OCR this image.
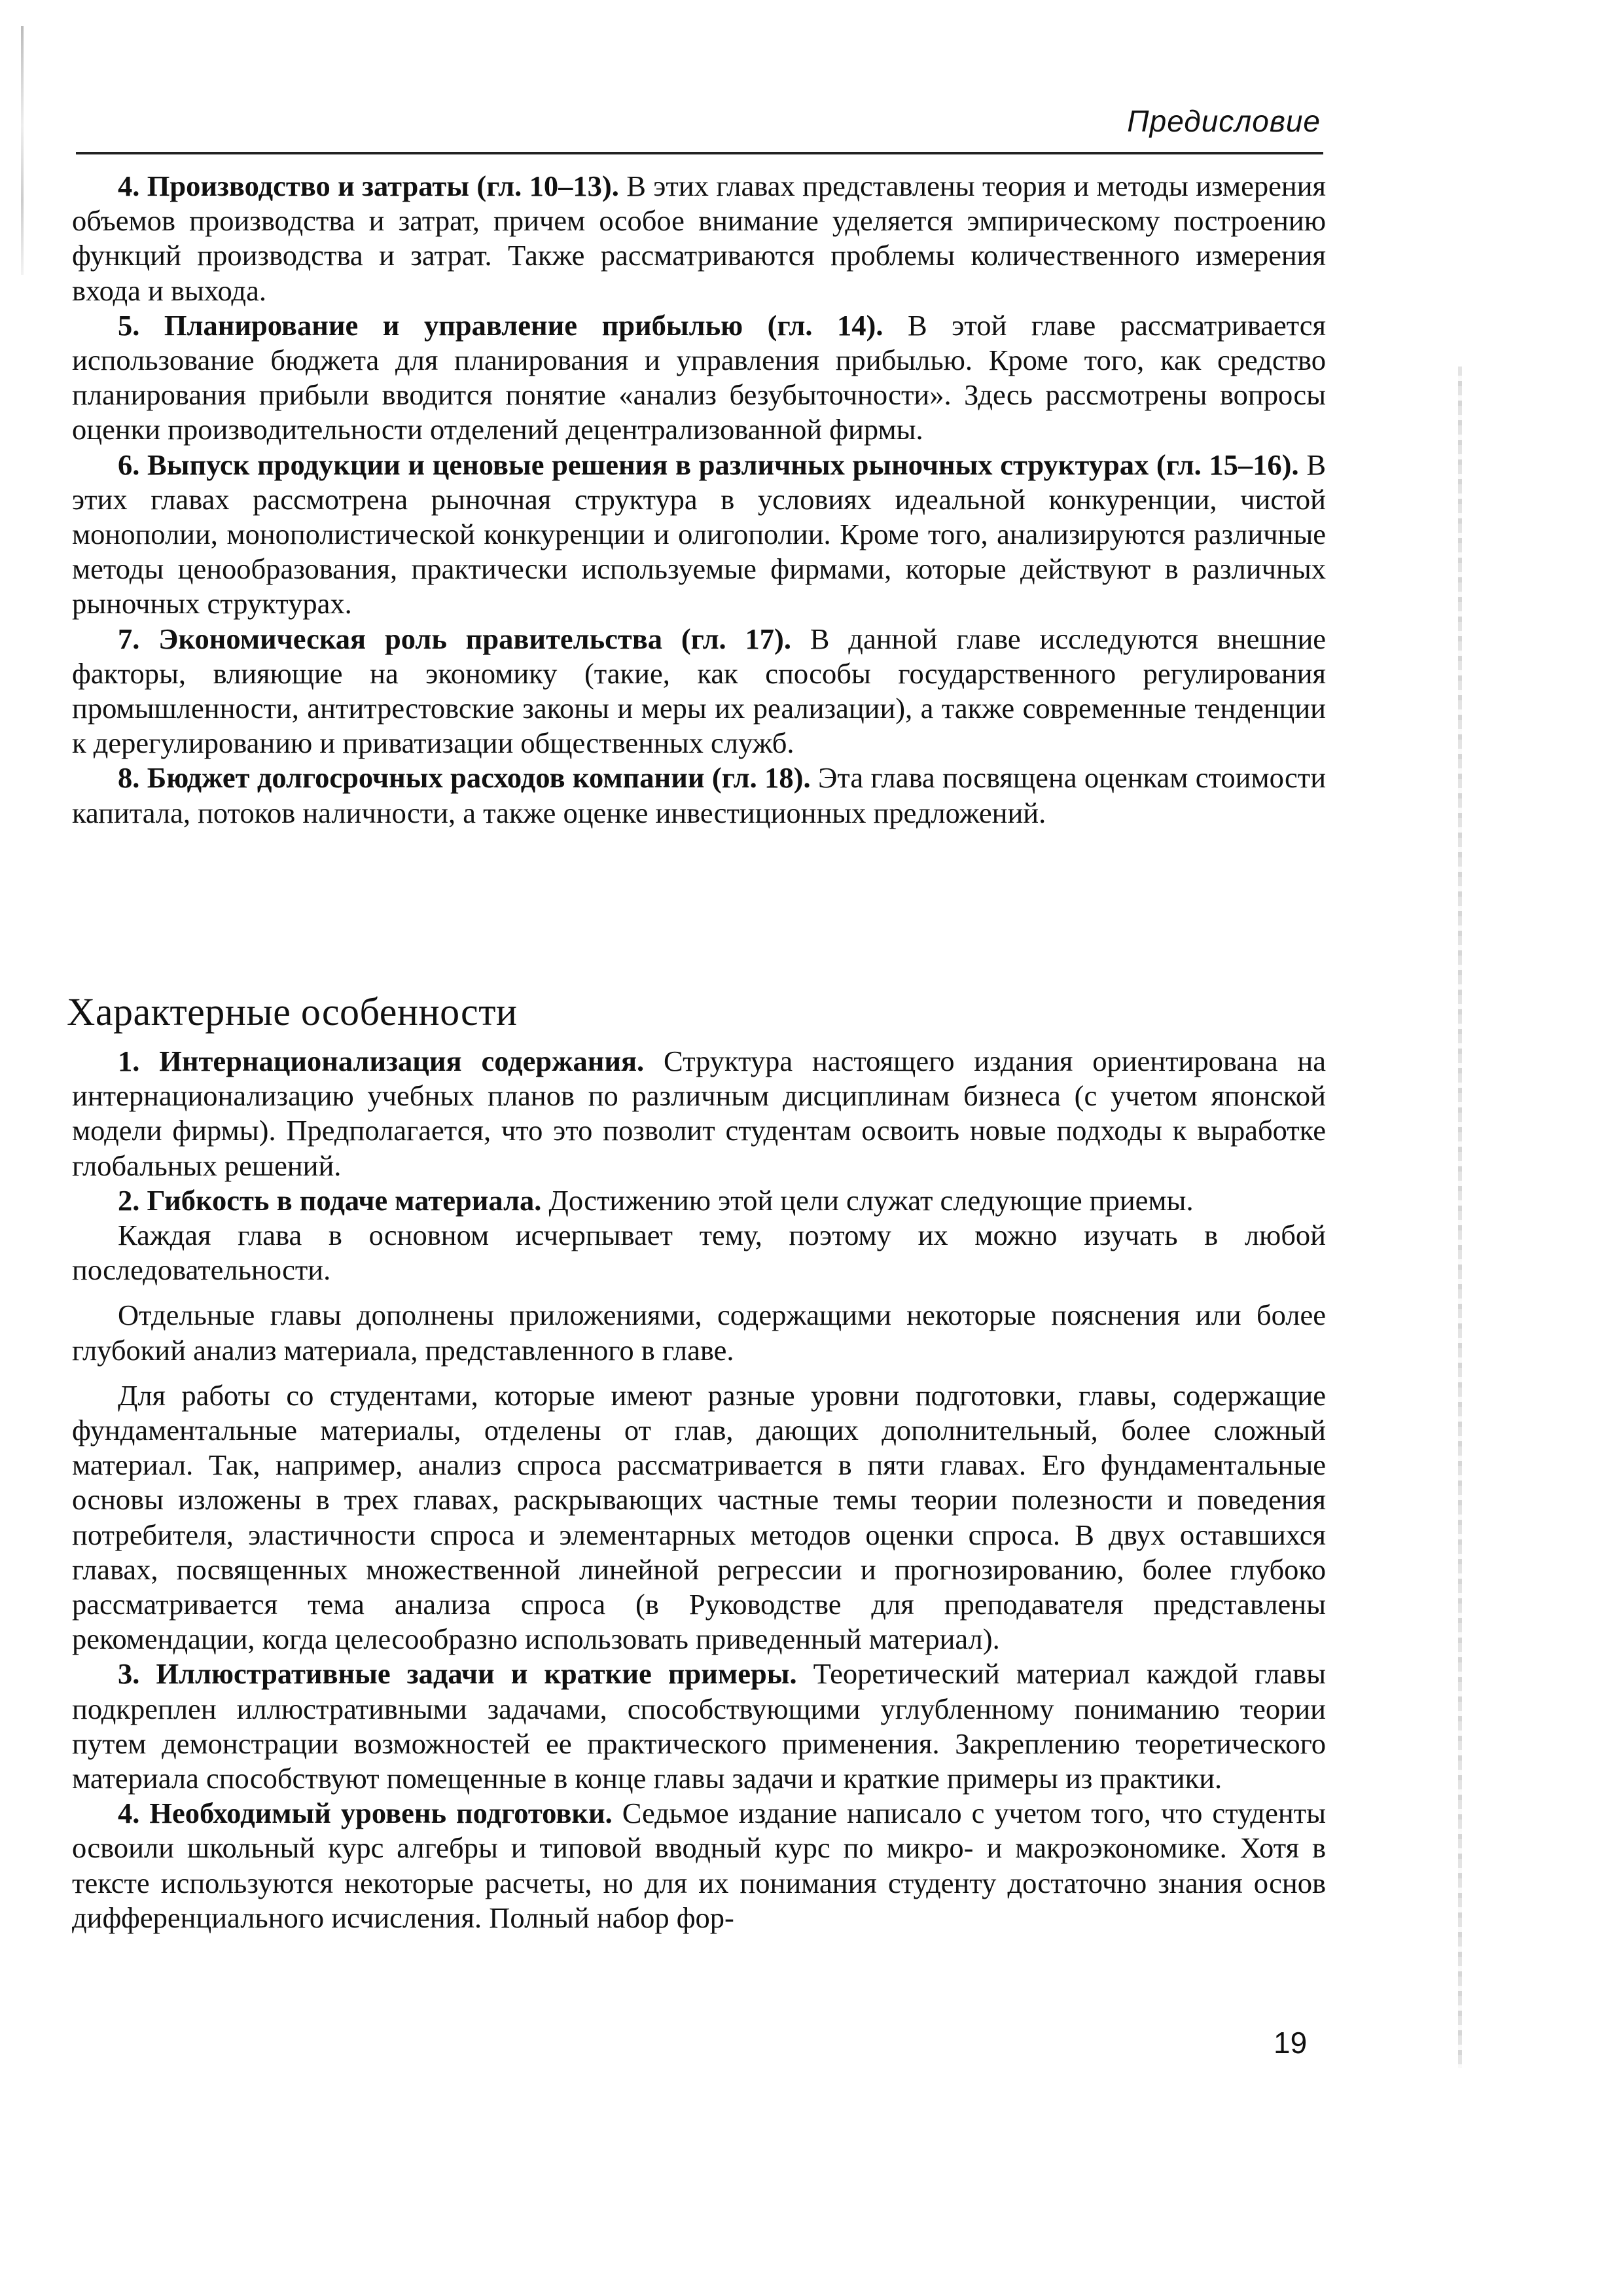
Предисловие

4. Производство и затраты (гл. 10–13). В этих главах представлены теория и методы измерения объемов производства и затрат, причем особое внимание уделяется эмпирическому построению функций производства и затрат. Также рассматриваются проблемы количественного измерения входа и выхода.

5. Планирование и управление прибылью (гл. 14). В этой главе рассматривается использование бюджета для планирования и управления прибылью. Кроме того, как средство планирования прибыли вводится понятие «анализ безубыточности». Здесь рассмотрены вопросы оценки производительности отделений децентрализованной фирмы.

6. Выпуск продукции и ценовые решения в различных рыночных структурах (гл. 15–16). В этих главах рассмотрена рыночная структура в условиях идеальной конкуренции, чистой монополии, монополистической конкуренции и олигополии. Кроме того, анализируются различные методы ценообразования, практически используемые фирмами, которые действуют в различных рыночных структурах.

7. Экономическая роль правительства (гл. 17). В данной главе исследуются внешние факторы, влияющие на экономику (такие, как способы государственного регулирования промышленности, антитрестовские законы и меры их реализации), а также современные тенденции к дерегулированию и приватизации общественных служб.

8. Бюджет долгосрочных расходов компании (гл. 18). Эта глава посвящена оценкам стоимости капитала, потоков наличности, а также оценке инвестиционных предложений.

Характерные особенности

1. Интернационализация содержания. Структура настоящего издания ориентирована на интернационализацию учебных планов по различным дисциплинам бизнеса (с учетом японской модели фирмы). Предполагается, что это позволит студентам освоить новые подходы к выработке глобальных решений.

2. Гибкость в подаче материала. Достижению этой цели служат следующие приемы.

Каждая глава в основном исчерпывает тему, поэтому их можно изучать в любой последовательности.

Отдельные главы дополнены приложениями, содержащими некоторые пояснения или более глубокий анализ материала, представленного в главе.

Для работы со студентами, которые имеют разные уровни подготовки, главы, содержащие фундаментальные материалы, отделены от глав, дающих дополнительный, более сложный материал. Так, например, анализ спроса рассматривается в пяти главах. Его фундаментальные основы изложены в трех главах, раскрывающих частные темы теории полезности и поведения потребителя, эластичности спроса и элементарных методов оценки спроса. В двух оставшихся главах, посвященных множественной линейной регрессии и прогнозированию, более глубоко рассматривается тема анализа спроса (в Руководстве для преподавателя представлены рекомендации, когда целесообразно использовать приведенный материал).

3. Иллюстративные задачи и краткие примеры. Теоретический материал каждой главы подкреплен иллюстративными задачами, способствующими углубленному пониманию теории путем демонстрации возможностей ее практического применения. Закреплению теоретического материала способствуют помещенные в конце главы задачи и краткие примеры из практики.

4. Необходимый уровень подготовки. Седьмое издание написало с учетом того, что студенты освоили школьный курс алгебры и типовой вводный курс по микро- и макроэкономике. Хотя в тексте используются некоторые расчеты, но для их понимания студенту достаточно знания основ дифференциального исчисления. Полный набор фор-

19
